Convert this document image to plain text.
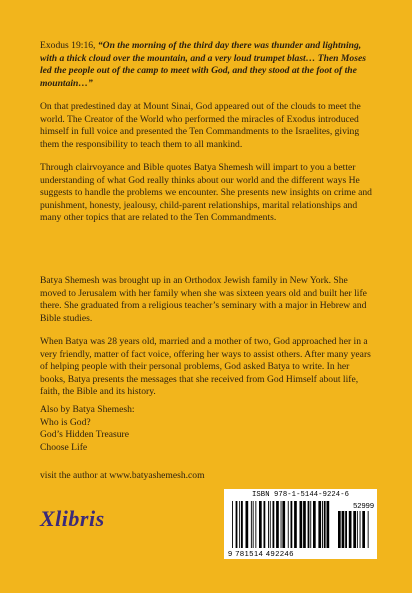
Exodus 19:16, “On the morning of the third day there was thunder and lightning, with a thick cloud over the mountain, and a very loud trumpet blast… Then Moses led the people out of the camp to meet with God, and they stood at the foot of the mountain…”

On that predestined day at Mount Sinai, God appeared out of the clouds to meet the world. The Creator of the World who performed the miracles of Exodus introduced himself in full voice and presented the Ten Commandments to the Israelites, giving them the responsibility to teach them to all mankind.

Through clairvoyance and Bible quotes Batya Shemesh will impart to you a better understanding of what God really thinks about our world and the different ways He suggests to handle the problems we encounter. She presents new insights on crime and punishment, honesty, jealousy, child-parent relationships, marital relationships and many other topics that are related to the Ten Commandments.

Batya Shemesh was brought up in an Orthodox Jewish family in New York. She moved to Jerusalem with her family when she was sixteen years old and built her life there. She graduated from a religious teacher’s seminary with a major in Hebrew and Bible studies.

When Batya was 28 years old, married and a mother of two, God approached her in a very friendly, matter of fact voice, offering her ways to assist others. After many years of helping people with their personal problems, God asked Batya to write. In her books, Batya presents the messages that she received from God Himself about life, faith, the Bible and its history.

Also by Batya Shemesh:
Who is God?
God’s Hidden Treasure
Choose Life

visit the author at www.batyashemesh.com

Xlibris
ISBN 978-1-5144-9224-6
52999
9 781514 492246
